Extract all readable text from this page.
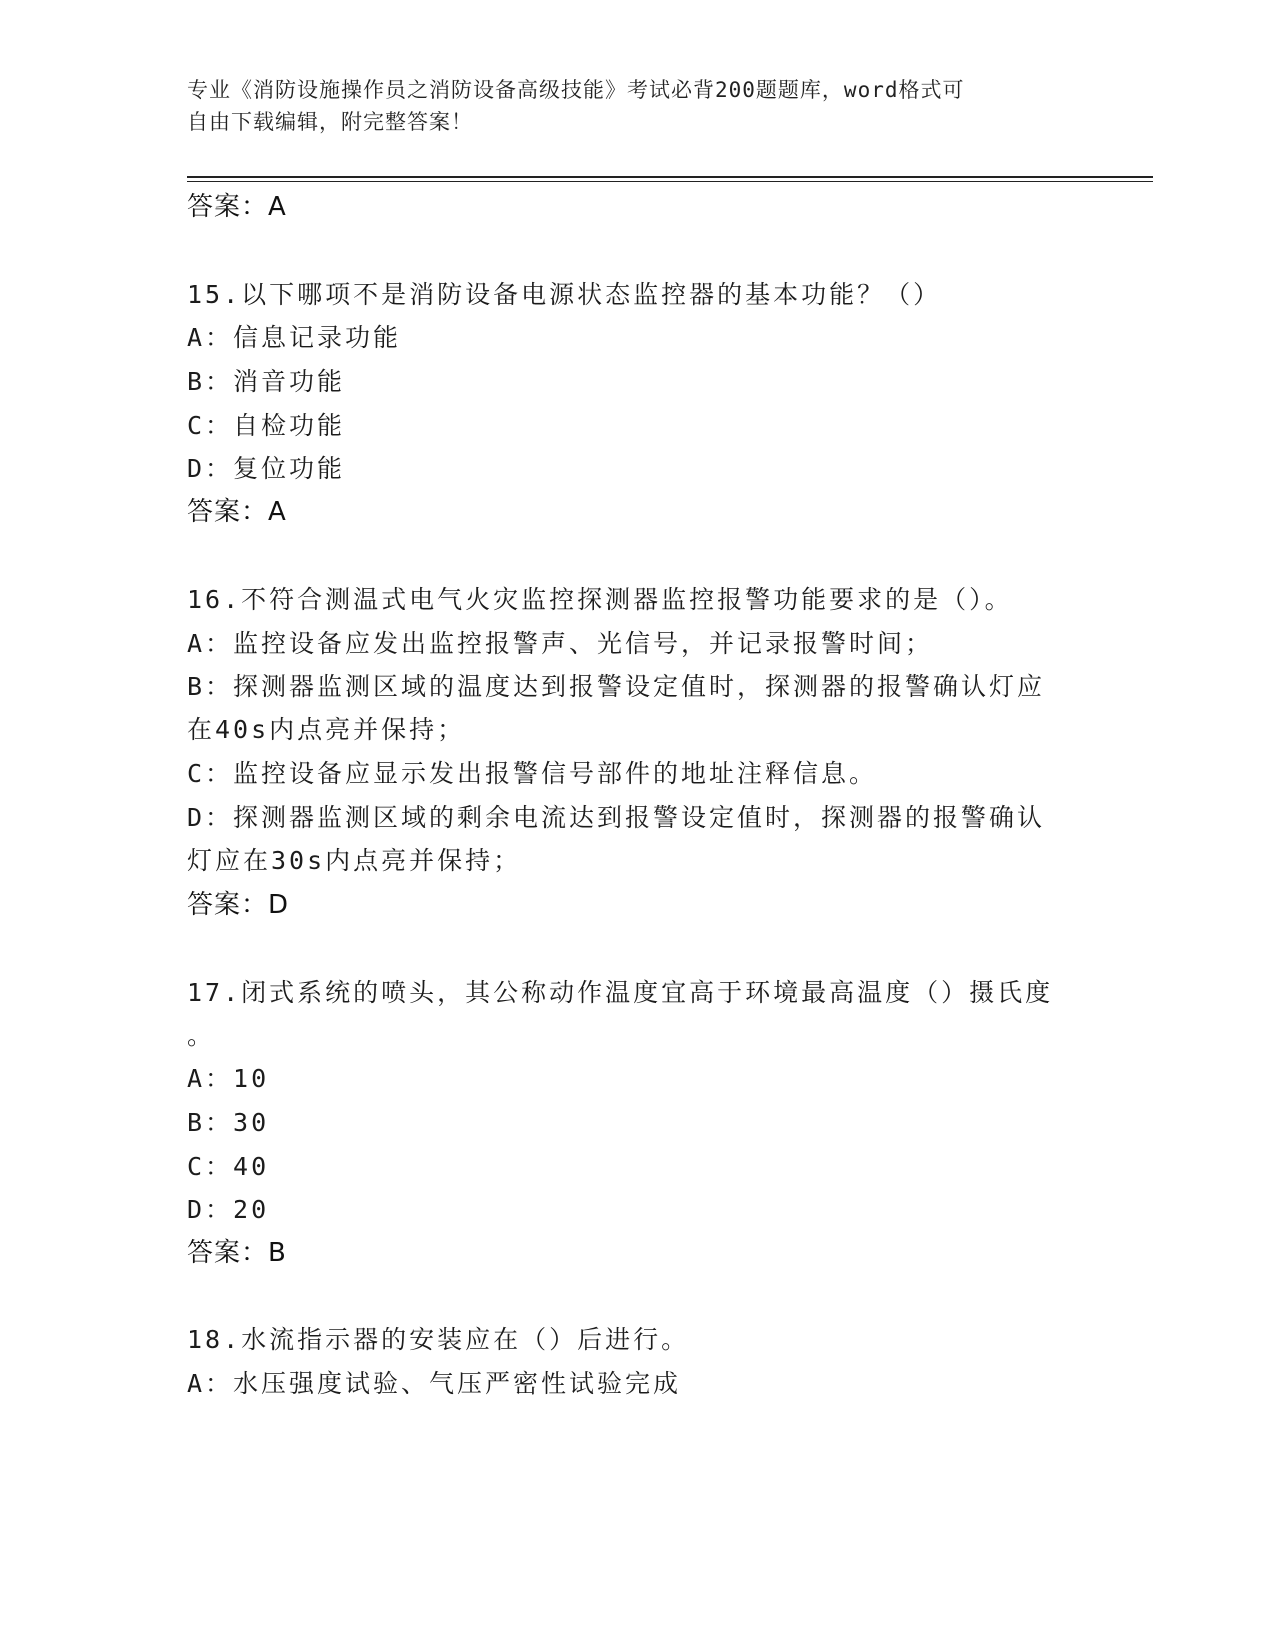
专业《消防设施操作员之消防设备高级技能》考试必背200题题库，word格式可
自由下载编辑，附完整答案！
答案：A
15.以下哪项不是消防设备电源状态监控器的基本功能？（）
A：信息记录功能
B：消音功能
C：自检功能
D：复位功能
答案：A
16.不符合测温式电气火灾监控探测器监控报警功能要求的是（）。
A：监控设备应发出监控报警声、光信号，并记录报警时间；
B：探测器监测区域的温度达到报警设定值时，探测器的报警确认灯应
在40s内点亮并保持；
C：监控设备应显示发出报警信号部件的地址注释信息。
D：探测器监测区域的剩余电流达到报警设定值时，探测器的报警确认
灯应在30s内点亮并保持；
答案：D
17.闭式系统的喷头，其公称动作温度宜高于环境最高温度（）摄氏度
。
A：10
B：30
C：40
D：20
答案：B
18.水流指示器的安装应在（）后进行。
A：水压强度试验、气压严密性试验完成
